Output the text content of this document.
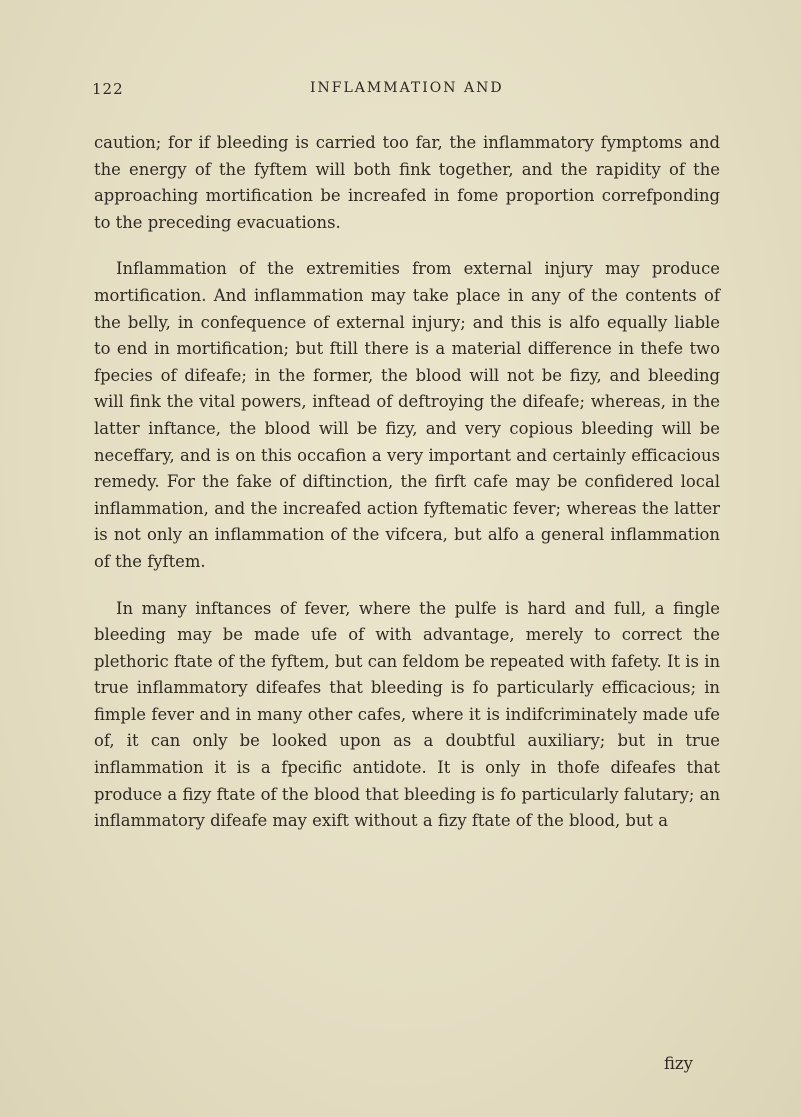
122	INFLAMMATION AND

caution; for if bleeding is carried too far, the inflammatory fymptoms and the energy of the fyftem will both fink together, and the rapidity of the approaching mortification be increafed in fome proportion correfponding to the preceding evacuations.

Inflammation of the extremities from external injury may produce mortification. And inflammation may take place in any of the contents of the belly, in confequence of external injury; and this is alfo equally liable to end in mortification; but ftill there is a material difference in thefe two fpecies of difeafe; in the former, the blood will not be fizy, and bleeding will fink the vital powers, inftead of deftroying the difeafe; whereas, in the latter inftance, the blood will be fizy, and very copious bleeding will be neceffary, and is on this occafion a very important and certainly efficacious remedy. For the fake of diftinction, the firft cafe may be confidered local inflammation, and the increafed action fyftematic fever; whereas the latter is not only an inflammation of the vifcera, but alfo a general inflammation of the fyftem.

In many inftances of fever, where the pulfe is hard and full, a fingle bleeding may be made ufe of with advantage, merely to correct the plethoric ftate of the fyftem, but can feldom be repeated with fafety. It is in true inflammatory difeafes that bleeding is fo particularly efficacious; in fimple fever and in many other cafes, where it is indifcriminately made ufe of, it can only be looked upon as a doubtful auxiliary; but in true inflammation it is a fpecific antidote. It is only in thofe difeafes that produce a fizy ftate of the blood that bleeding is fo particularly falutary; an inflammatory difeafe may exift without a fizy ftate of the blood, but a

fizy
